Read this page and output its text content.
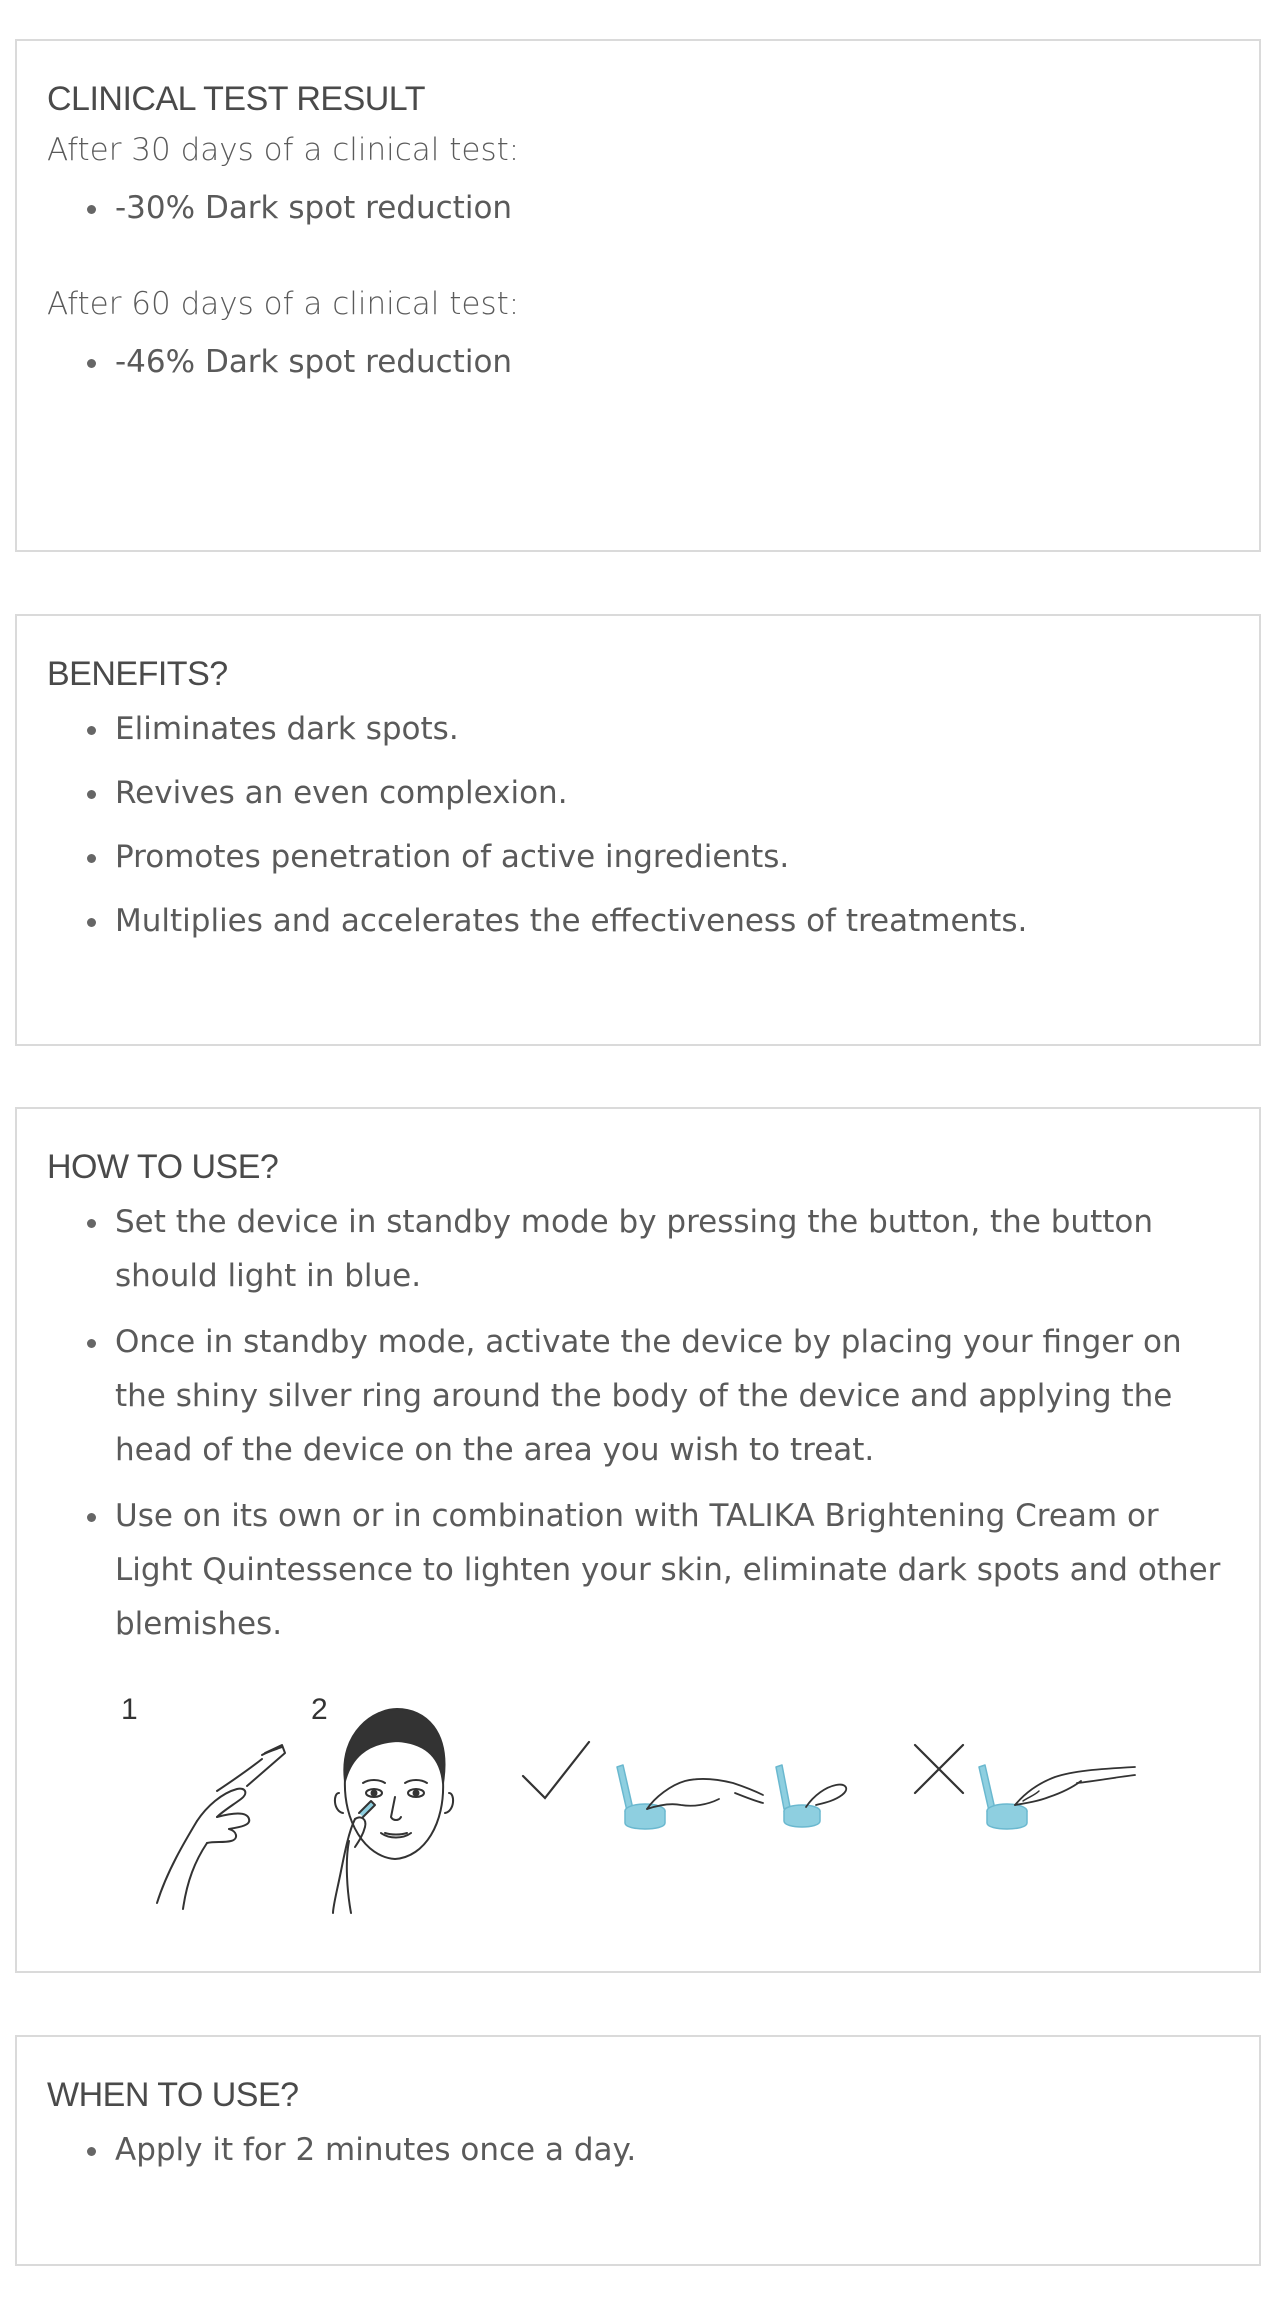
CLINICAL TEST RESULT

After 30 days of a clinical test:

-30% Dark spot reduction

After 60 days of a clinical test:

-46% Dark spot reduction
BENEFITS?
Eliminates dark spots.
Revives an even complexion.
Promotes penetration of active ingredients.
Multiplies and accelerates the effectiveness of treatments.
HOW TO USE?
Set the device in standby mode by pressing the button, the button should light in blue.
Once in standby mode, activate the device by placing your finger on the shiny silver ring around the body of the device and applying the head of the device on the area you wish to treat.
Use on its own or in combination with TALIKA Brightening Cream or Light Quintessence to lighten your skin, eliminate dark spots and other blemishes.
1	2
WHEN TO USE?
Apply it for 2 minutes once a day.
